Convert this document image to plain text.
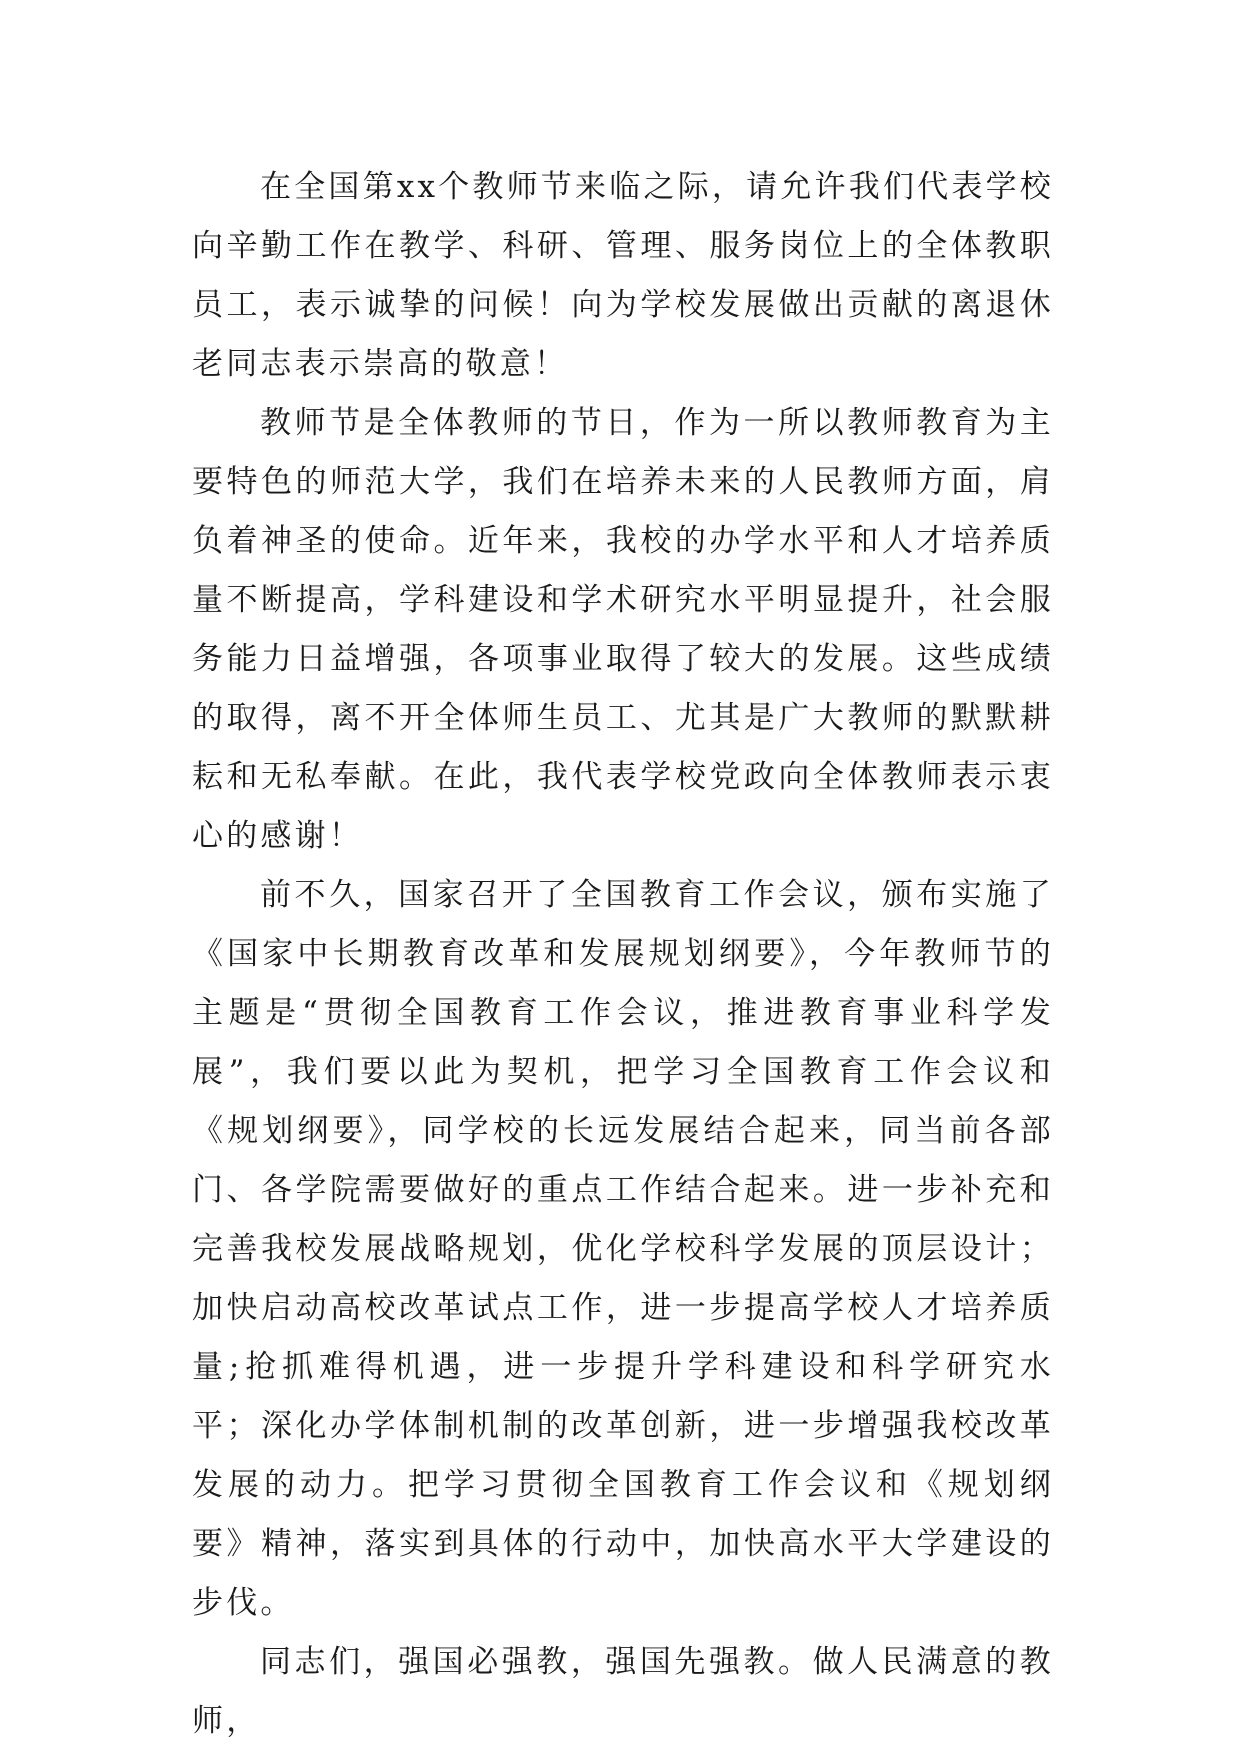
在全国第xx个教师节来临之际，请允许我们代表学校向辛勤工作在教学、科研、管理、服务岗位上的全体教职员工，表示诚挚的问候！向为学校发展做出贡献的离退休老同志表示崇高的敬意！

教师节是全体教师的节日，作为一所以教师教育为主要特色的师范大学，我们在培养未来的人民教师方面，肩负着神圣的使命。近年来，我校的办学水平和人才培养质量不断提高，学科建设和学术研究水平明显提升，社会服务能力日益增强，各项事业取得了较大的发展。这些成绩的取得，离不开全体师生员工、尤其是广大教师的默默耕耘和无私奉献。在此，我代表学校党政向全体教师表示衷心的感谢！

前不久，国家召开了全国教育工作会议，颁布实施了《国家中长期教育改革和发展规划纲要》，今年教师节的主题是“贯彻全国教育工作会议，推进教育事业科学发展”，我们要以此为契机，把学习全国教育工作会议和《规划纲要》，同学校的长远发展结合起来，同当前各部门、各学院需要做好的重点工作结合起来。进一步补充和完善我校发展战略规划，优化学校科学发展的顶层设计；加快启动高校改革试点工作，进一步提高学校人才培养质量;抢抓难得机遇，进一步提升学科建设和科学研究水平；深化办学体制机制的改革创新，进一步增强我校改革发展的动力。把学习贯彻全国教育工作会议和《规划纲要》精神，落实到具体的行动中，加快高水平大学建设的步伐。

同志们，强国必强教，强国先强教。做人民满意的教师，
